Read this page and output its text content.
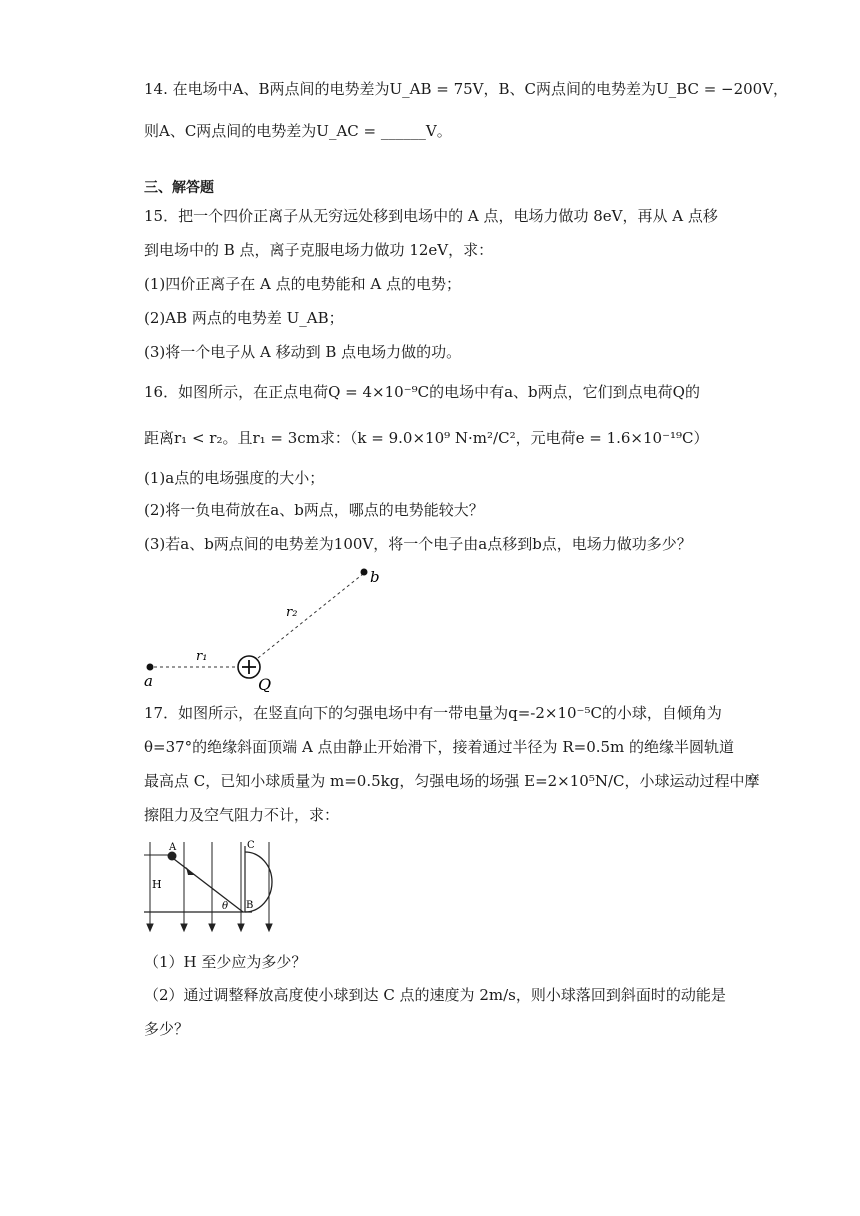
14. 在电场中A、B两点间的电势差为U_AB = 75V，B、C两点间的电势差为U_BC = −200V，
则A、C两点间的电势差为U_AC = ______V。
三、解答题
15．把一个四价正离子从无穷远处移到电场中的 A 点，电场力做功 8eV，再从 A 点移
到电场中的 B 点，离子克服电场力做功 12eV，求：
(1)四价正离子在 A 点的电势能和 A 点的电势；
(2)AB 两点的电势差 U_AB；
(3)将一个电子从 A 移动到 B 点电场力做的功。
16．如图所示，在正点电荷Q = 4×10⁻⁹C的电场中有a、b两点，它们到点电荷Q的
距离r₁ < r₂。且r₁ = 3cm求：（k = 9.0×10⁹ N·m²/C²，元电荷e = 1.6×10⁻¹⁹C）
(1)a点的电场强度的大小；
(2)将一负电荷放在a、b两点，哪点的电势能较大？
(3)若a、b两点间的电势差为100V，将一个电子由a点移到b点，电场力做功多少？
a
r₁
Q
r₂
b
17．如图所示，在竖直向下的匀强电场中有一带电量为q=-2×10⁻⁵C的小球，自倾角为
θ=37°的绝缘斜面顶端 A 点由静止开始滑下，接着通过半径为 R=0.5m 的绝缘半圆轨道
最高点 C，已知小球质量为 m=0.5kg，匀强电场的场强 E=2×10⁵N/C，小球运动过程中摩
擦阻力及空气阻力不计，求：
H
A
θ B
C
（1）H 至少应为多少？
（2）通过调整释放高度使小球到达 C 点的速度为 2m/s，则小球落回到斜面时的动能是
多少？
